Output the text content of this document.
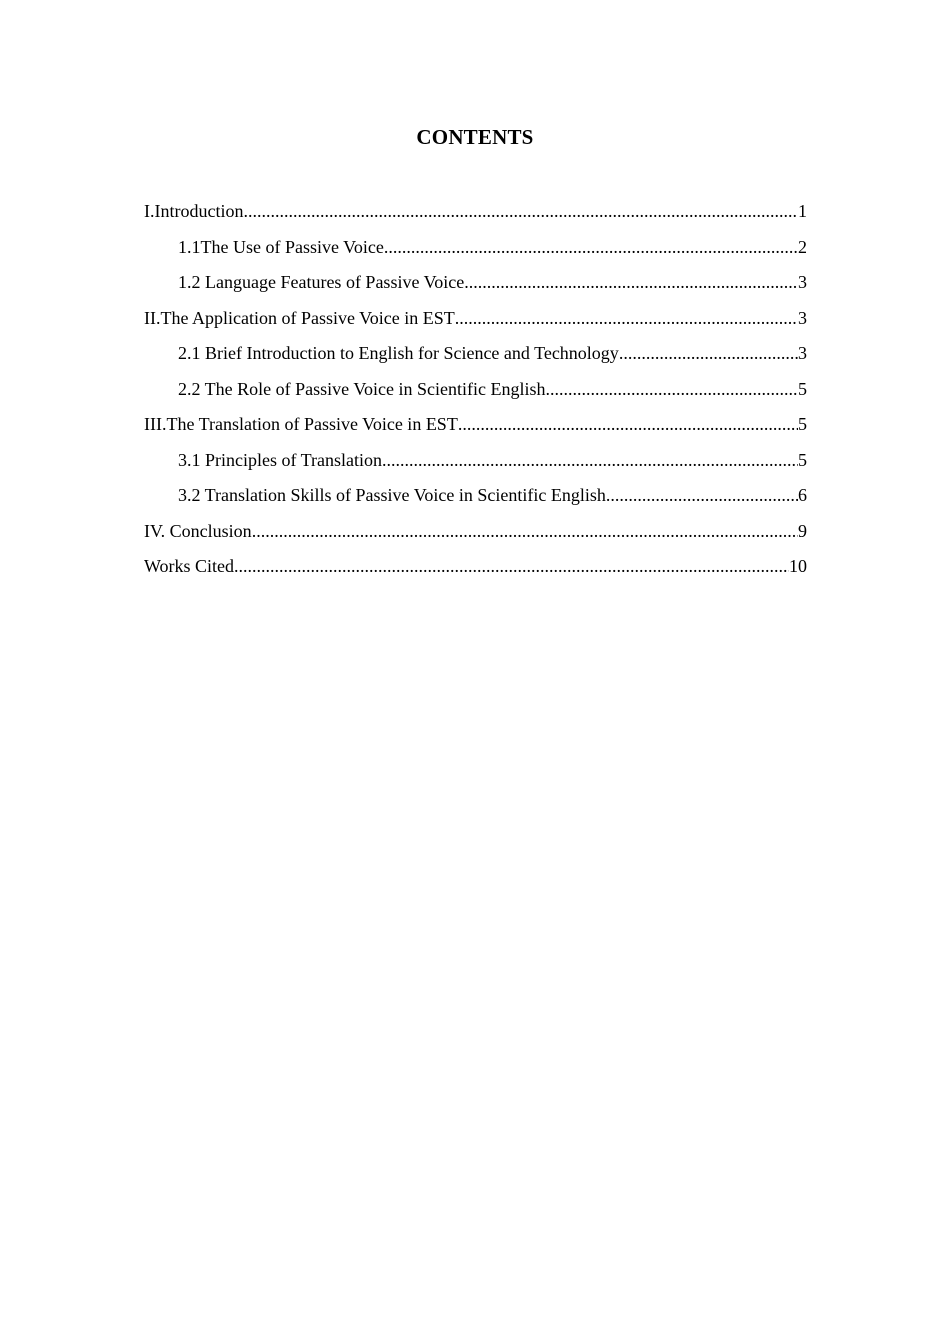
CONTENTS
I.Introduction .....	1
1.1The Use of Passive Voice .....	2
1.2 Language Features of Passive Voice .....	3
II.The Application of Passive Voice in EST .....	3
2.1 Brief Introduction to English for Science and Technology .....	3
2.2 The Role of Passive Voice in Scientific English .....	5
III.The Translation of Passive Voice in EST .....	5
3.1 Principles of Translation .....	5
3.2 Translation Skills of Passive Voice in Scientific English .....	6
IV. Conclusion .....	9
Works Cited .....	10
